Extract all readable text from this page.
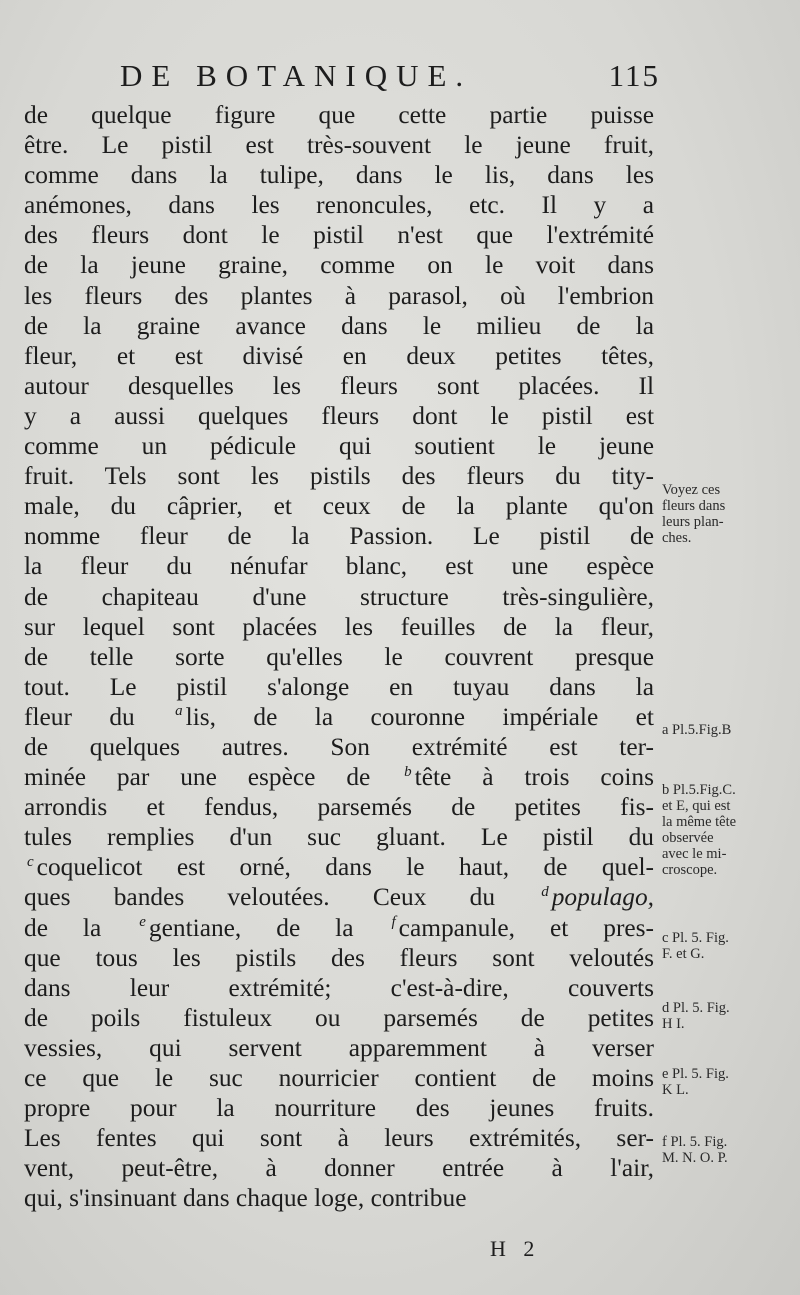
DE BOTANIQUE.	115
de quelque figure que cette partie puisse
être. Le pistil est très-souvent le jeune fruit,
comme dans la tulipe, dans le lis, dans les
anémones, dans les renoncules, etc. Il y a
des fleurs dont le pistil n'est que l'extrémité
de la jeune graine, comme on le voit dans
les fleurs des plantes à parasol, où l'embrion
de la graine avance dans le milieu de la
fleur, et est divisé en deux petites têtes,
autour desquelles les fleurs sont placées. Il
y a aussi quelques fleurs dont le pistil est
comme un pédicule qui soutient le jeune
fruit. Tels sont les pistils des fleurs du tity-
male, du câprier, et ceux de la plante qu'on
nomme fleur de la Passion. Le pistil de
la fleur du nénufar blanc, est une espèce
de chapiteau d'une structure très-singulière,
sur lequel sont placées les feuilles de la fleur,
de telle sorte qu'elles le couvrent presque
tout. Le pistil s'alonge en tuyau dans la
fleur du	a lis, de la couronne impériale et
de quelques autres. Son extrémité est ter-
minée par une espèce de b tête à trois coins
arrondis et fendus, parsemés de petites fis-
tules remplies d'un suc gluant. Le pistil du
c coquelicot est orné, dans le haut, de quel-
ques bandes veloutées. Ceux du	d populago,
de la	e gentiane, de la	f campanule, et pres-
que tous les pistils des fleurs sont veloutés
dans leur extrémité; c'est-à-dire, couverts
de poils fistuleux ou parsemés de petites
vessies, qui servent apparemment à verser
ce que le suc nourricier contient de moins
propre pour la nourriture des jeunes fruits.
Les fentes qui sont à leurs extrémités, ser-
vent, peut-être, à donner entrée à l'air,
qui, s'insinuant dans chaque loge, contribue
Voyez ces
fleurs dans
leurs plan-
ches.
a Pl.5.Fig.B
b Pl.5.Fig.C.
et E, qui est
la même tête
observée
avec le mi-
croscope.
c Pl. 5. Fig.
F. et G.
d Pl. 5. Fig.
H I.
e Pl. 5. Fig.
K L.
f Pl. 5. Fig.
M. N. O. P.
H 2
